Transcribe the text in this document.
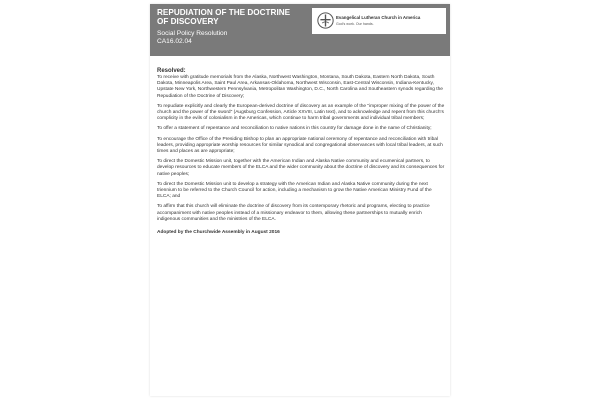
REPUDIATION OF THE DOCTRINE
OF DISCOVERY
Social Policy Resolution
CA16.02.04
Evangelical Lutheran Church in America
God's work. Our hands.

Resolved:

To receive with gratitude memorials from the Alaska, Northwest Washington, Montana, South Dakota, Eastern North Dakota, South Dakota, Minneapolis Area, Saint Paul Area, Arkansas-Oklahoma, Northwest Wisconsin, East-Central Wisconsin, Indiana-Kentucky, Upstate New York, Northwestern Pennsylvania, Metropolitan Washington, D.C., North Carolina and Southeastern synods regarding the Repudiation of the Doctrine of Discovery;

To repudiate explicitly and clearly the European-derived doctrine of discovery as an example of the "improper mixing of the power of the church and the power of the sword" (Augsburg Confession, Article XXVIII, Latin text), and to acknowledge and repent from this church's complicity in the evils of colonialism in the Americas, which continue to harm tribal governments and individual tribal members;

To offer a statement of repentance and reconciliation to native nations in this country for damage done in the name of Christianity;

To encourage the Office of the Presiding Bishop to plan an appropriate national ceremony of repentance and reconciliation with tribal leaders, providing appropriate worship resources for similar synodical and congregational observances with local tribal leaders, at such times and places as are appropriate;

To direct the Domestic Mission unit, together with the American Indian and Alaska Native community and ecumenical partners, to develop resources to educate members of the ELCA and the wider community about the doctrine of discovery and its consequences for native peoples;

To direct the Domestic Mission unit to develop a strategy with the American Indian and Alaska Native community during the next triennium to be referred to the Church Council for action, including a mechanism to grow the Native American Ministry Fund of the ELCA; and

To affirm that this church will eliminate the doctrine of discovery from its contemporary rhetoric and programs, electing to practice accompaniment with native peoples instead of a missionary endeavor to them, allowing these partnerships to mutually enrich indigenous communities and the ministries of the ELCA.

Adopted by the Churchwide Assembly in August 2016
